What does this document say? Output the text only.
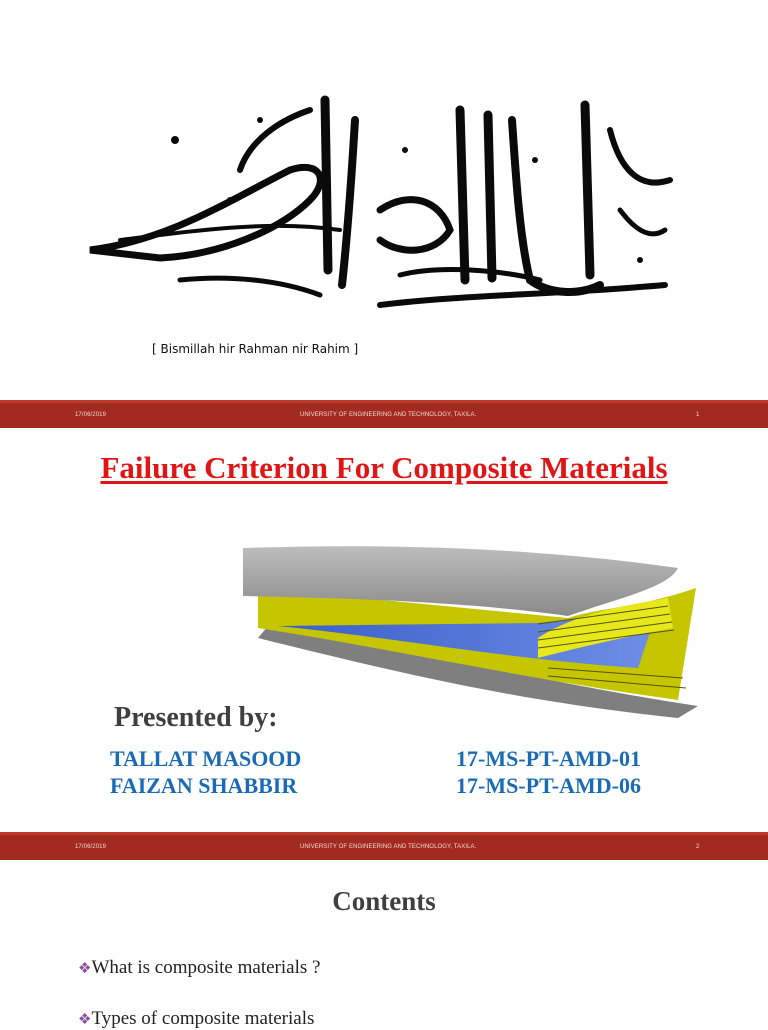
[ Bismillah hir Rahman nir Rahim ]
17/06/2019	UNIVERSITY OF ENGINEERING AND TECHNOLOGY, TAXILA.	1
Failure Criterion For Composite Materials
Presented by:
TALLAT MASOOD	17-MS-PT-AMD-01
FAIZAN SHABBIR	17-MS-PT-AMD-06
17/06/2019	UNIVERSITY OF ENGINEERING AND TECHNOLOGY, TAXILA.	2
Contents
❖What is composite materials ?
❖Types of composite materials
